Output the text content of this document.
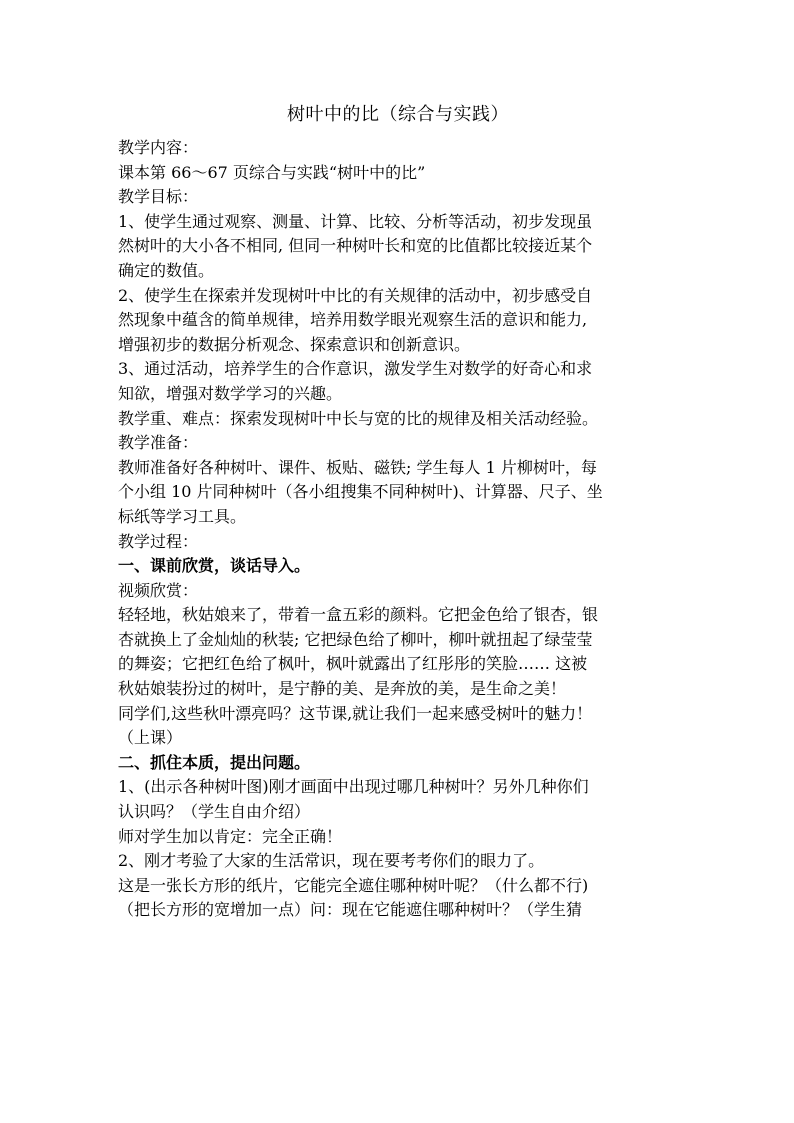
树叶中的比（综合与实践）

教学内容：

课本第 66～67 页综合与实践“树叶中的比”

教学目标：

1、使学生通过观察、测量、计算、比较、分析等活动，初步发现虽

然树叶的大小各不相同, 但同一种树叶长和宽的比值都比较接近某个

确定的数值。

2、使学生在探索并发现树叶中比的有关规律的活动中，初步感受自

然现象中蕴含的简单规律，培养用数学眼光观察生活的意识和能力,

增强初步的数据分析观念、探索意识和创新意识。

3、通过活动，培养学生的合作意识，激发学生对数学的好奇心和求

知欲，增强对数学学习的兴趣。

教学重、难点：探索发现树叶中长与宽的比的规律及相关活动经验。

教学准备：

教师准备好各种树叶、课件、板贴、磁铁; 学生每人 1 片柳树叶，每

个小组 10 片同种树叶（各小组搜集不同种树叶)、计算器、尺子、坐

标纸等学习工具。

教学过程：

一、课前欣赏，谈话导入。

视频欣赏：

轻轻地，秋姑娘来了，带着一盒五彩的颜料。它把金色给了银杏，银

杏就换上了金灿灿的秋装; 它把绿色给了柳叶，柳叶就扭起了绿莹莹

的舞姿；它把红色给了枫叶，枫叶就露出了红彤彤的笑脸…… 这被

秋姑娘装扮过的树叶，是宁静的美、是奔放的美，是生命之美！

同学们,这些秋叶漂亮吗？这节课,就让我们一起来感受树叶的魅力！

（上课）

二、抓住本质，提出问题。

1、(出示各种树叶图)刚才画面中出现过哪几种树叶？另外几种你们

认识吗？（学生自由介绍）

师对学生加以肯定：完全正确！

2、刚才考验了大家的生活常识，现在要考考你们的眼力了。

这是一张长方形的纸片，它能完全遮住哪种树叶呢？（什么都不行)

（把长方形的宽增加一点）问：现在它能遮住哪种树叶？（学生猜
